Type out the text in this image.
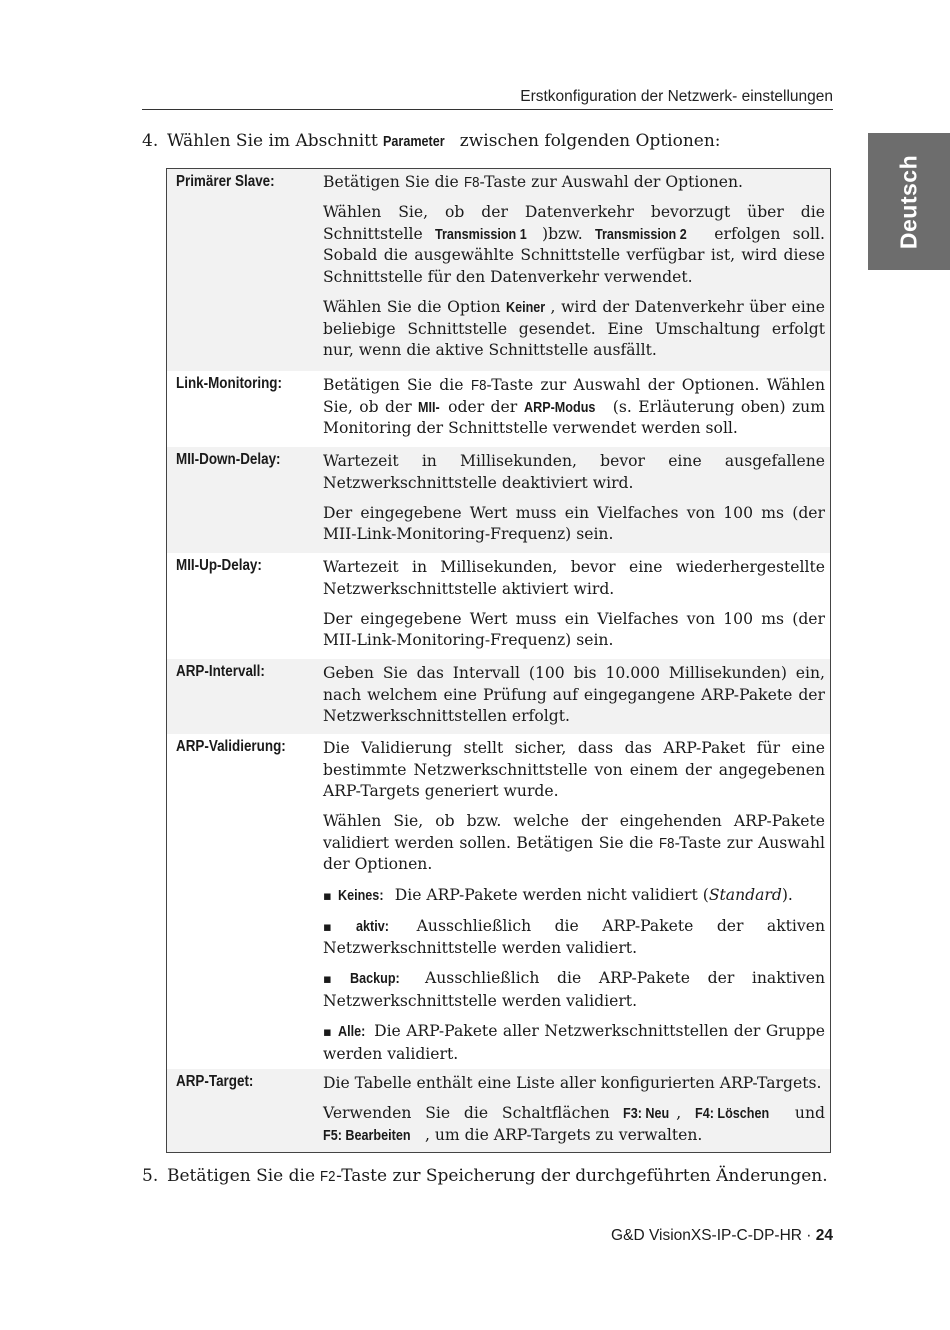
Erstkonfiguration der Netzwerk- einstellungen
Deutsch
4. Wählen Sie im Abschnitt Parameter zwischen folgenden Optionen:
Primärer Slave:	Betätigen Sie die F8-Taste zur Auswahl der Optionen.

Wählen Sie, ob der Datenverkehr bevorzugt über die Schnittstelle Transmission 1 )bzw. Transmission 2 erfolgen soll. Sobald die ausgewählte Schnittstelle verfügbar ist, wird diese Schnittstelle für den Datenverkehr verwendet.

Wählen Sie die Option Keiner , wird der Datenverkehr über eine beliebige Schnittstelle gesendet. Eine Umschaltung erfolgt nur, wenn die aktive Schnittstelle ausfällt.

Link-Monitoring:	Betätigen Sie die F8-Taste zur Auswahl der Optionen. Wählen Sie, ob der MII- oder der ARP-Modus (s. Erläuterung oben) zum Monitoring der Schnittstelle verwendet werden soll.

MII-Down-Delay:	Wartezeit in Millisekunden, bevor eine ausgefallene Netzwerkschnittstelle deaktiviert wird.

Der eingegebene Wert muss ein Vielfaches von 100 ms (der MII-Link-Monitoring-Frequenz) sein.

MII-Up-Delay:	Wartezeit in Millisekunden, bevor eine wiederhergestellte Netzwerkschnittstelle aktiviert wird.

Der eingegebene Wert muss ein Vielfaches von 100 ms (der MII-Link-Monitoring-Frequenz) sein.

ARP-Intervall:	Geben Sie das Intervall (100 bis 10.000 Millisekunden) ein, nach welchem eine Prüfung auf eingegangene ARP-Pakete der Netzwerkschnittstellen erfolgt.

ARP-Validierung: Die Validierung stellt sicher, dass das ARP-Paket für eine bestimmte Netzwerkschnittstelle von einem der angegebenen ARP-Targets generiert wurde.

Wählen Sie, ob bzw. welche der eingehenden ARP-Pakete validiert werden sollen. Betätigen Sie die F8-Taste zur Auswahl der Optionen.

▪ Keines: Die ARP-Pakete werden nicht validiert (Standard).

▪ aktiv: Ausschließlich die ARP-Pakete der aktiven Netzwerkschnittstelle werden validiert.

▪ Backup: Ausschließlich die ARP-Pakete der inaktiven Netzwerkschnittstelle werden validiert.

▪ Alle: Die ARP-Pakete aller Netzwerkschnittstellen der Gruppe werden validiert.

ARP-Target:	Die Tabelle enthält eine Liste aller konfigurierten ARP-Targets.

Verwenden Sie die Schaltflächen F3: Neu , F4: Löschen und F5: Bearbeiten , um die ARP-Targets zu verwalten.

5. Betätigen Sie die F2-Taste zur Speicherung der durchgeführten Änderungen.
G&D VisionXS-IP-C-DP-HR · 24
